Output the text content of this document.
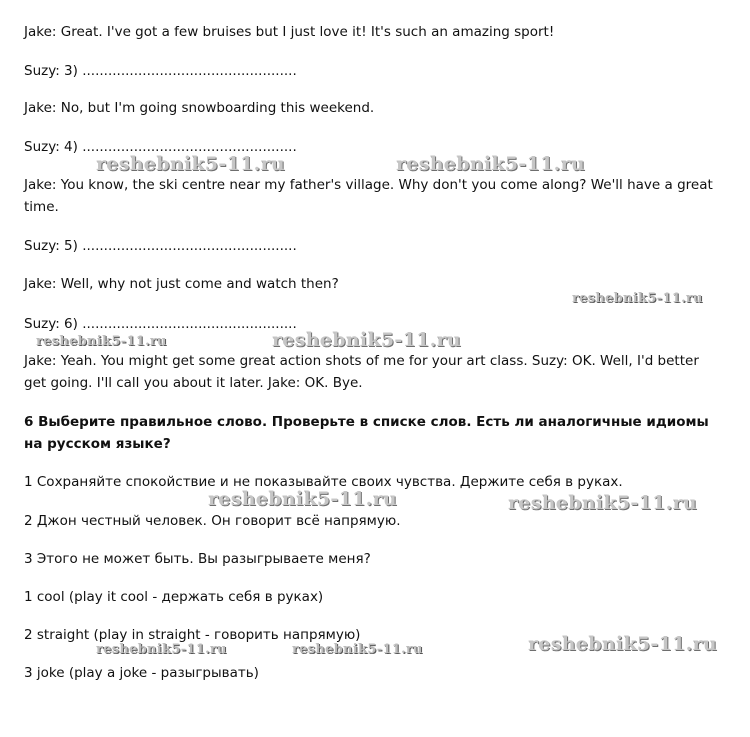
Jake: Great. I've got a few bruises but I just love it! It's such an amazing sport!

Suzy: 3) ..................................................

Jake: No, but I'm going snowboarding this weekend.

Suzy: 4) ..................................................

Jake: You know, the ski centre near my father's village. Why don't you come along? We'll have a great time.

Suzy: 5) ..................................................

Jake: Well, why not just come and watch then?

Suzy: 6) ..................................................

Jake: Yeah. You might get some great action shots of me for your art class. Suzy: OK. Well, I'd better get going. I'll call you about it later. Jake: OK. Bye.

6 Выберите правильное слово. Проверьте в списке слов. Есть ли аналогичные идиомы на русском языке?

1 Сохраняйте спокойствие и не показывайте своих чувства. Держите себя в руках.

2 Джон честный человек. Он говорит всё напрямую.

3 Этого не может быть. Вы разыгрываете меня?

1 cool (play it cool - держать себя в руках)

2 straight (play in straight - говорить напрямую)

3 joke (play a joke - разыгрывать)

reshebnik5-11.ru	reshebnik5-11.ru
reshebnik5-11.ru
reshebnik5-11.ru	reshebnik5-11.ru
reshebnik5-11.ru	reshebnik5-11.ru
reshebnik5-11.ru
reshebnik5-11.ru	reshebnik5-11.ru
